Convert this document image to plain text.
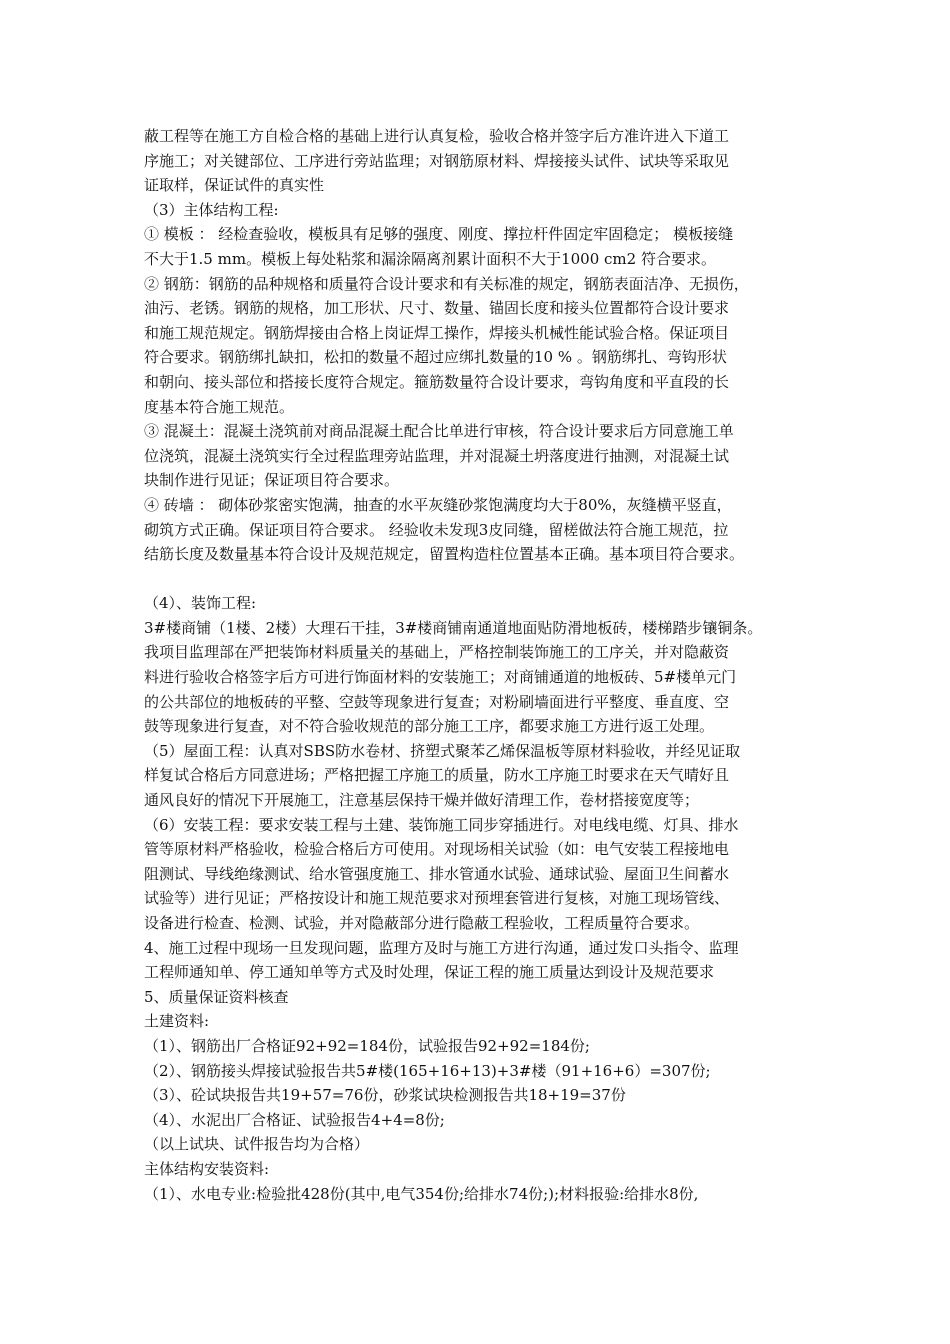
蔽工程等在施工方自检合格的基础上进行认真复检，验收合格并签字后方准许进入下道工
序施工；对关键部位、工序进行旁站监理；对钢筋原材料、焊接接头试件、试块等采取见
证取样，保证试件的真实性
（3）主体结构工程:
① 模板 ： 经检查验收，模板具有足够的强度、刚度、撑拉杆件固定牢固稳定； 模板接缝
不大于1.5 mm。模板上每处粘浆和漏涂隔离剂累计面积不大于1000 cm2 符合要求。
② 钢筋：钢筋的品种规格和质量符合设计要求和有关标准的规定，钢筋表面洁净、无损伤，
油污、老锈。钢筋的规格，加工形状、尺寸、数量、锚固长度和接头位置都符合设计要求
和施工规范规定。钢筋焊接由合格上岗证焊工操作，焊接头机械性能试验合格。保证项目
符合要求。钢筋绑扎缺扣，松扣的数量不超过应绑扎数量的10 % 。钢筋绑扎、弯钩形状
和朝向、接头部位和搭接长度符合规定。箍筋数量符合设计要求，弯钩角度和平直段的长
度基本符合施工规范。
③ 混凝土：混凝土浇筑前对商品混凝土配合比单进行审核，符合设计要求后方同意施工单
位浇筑，混凝土浇筑实行全过程监理旁站监理，并对混凝土坍落度进行抽测，对混凝土试
块制作进行见证；保证项目符合要求。
④ 砖墙 ： 砌体砂浆密实饱满，抽查的水平灰缝砂浆饱满度均大于80%，灰缝横平竖直，
砌筑方式正确。保证项目符合要求。 经验收未发现3皮同缝，留槎做法符合施工规范，拉
结筋长度及数量基本符合设计及规范规定，留置构造柱位置基本正确。基本项目符合要求。
（4）、装饰工程:
3#楼商铺（1楼、2楼）大理石干挂，3#楼商铺南通道地面贴防滑地板砖，楼梯踏步镶铜条。
我项目监理部在严把装饰材料质量关的基础上，严格控制装饰施工的工序关，并对隐蔽资
料进行验收合格签字后方可进行饰面材料的安装施工；对商铺通道的地板砖、5#楼单元门
的公共部位的地板砖的平整、空鼓等现象进行复查；对粉刷墙面进行平整度、垂直度、空
鼓等现象进行复查，对不符合验收规范的部分施工工序，都要求施工方进行返工处理。
（5）屋面工程：认真对SBS防水卷材、挤塑式聚苯乙烯保温板等原材料验收，并经见证取
样复试合格后方同意进场；严格把握工序施工的质量，防水工序施工时要求在天气晴好且
通风良好的情况下开展施工，注意基层保持干燥并做好清理工作，卷材搭接宽度等；
（6）安装工程：要求安装工程与土建、装饰施工同步穿插进行。对电线电缆、灯具、排水
管等原材料严格验收，检验合格后方可使用。对现场相关试验（如：电气安装工程接地电
阻测试、导线绝缘测试、给水管强度施工、排水管通水试验、通球试验、屋面卫生间蓄水
试验等）进行见证；严格按设计和施工规范要求对预埋套管进行复核，对施工现场管线、
设备进行检查、检测、试验，并对隐蔽部分进行隐蔽工程验收，工程质量符合要求。
4、施工过程中现场一旦发现问题，监理方及时与施工方进行沟通，通过发口头指令、监理
工程师通知单、停工通知单等方式及时处理，保证工程的施工质量达到设计及规范要求
5、质量保证资料核查
土建资料:
（1）、钢筋出厂合格证92+92=184份，试验报告92+92=184份;
（2）、钢筋接头焊接试验报告共5#楼(165+16+13)+3#楼（91+16+6）=307份;
（3）、砼试块报告共19+57=76份，砂浆试块检测报告共18+19=37份
（4）、水泥出厂合格证、试验报告4+4=8份;
（以上试块、试件报告均为合格）
主体结构安装资料:
（1）、水电专业:检验批428份(其中,电气354份;给排水74份;);材料报验:给排水8份,
